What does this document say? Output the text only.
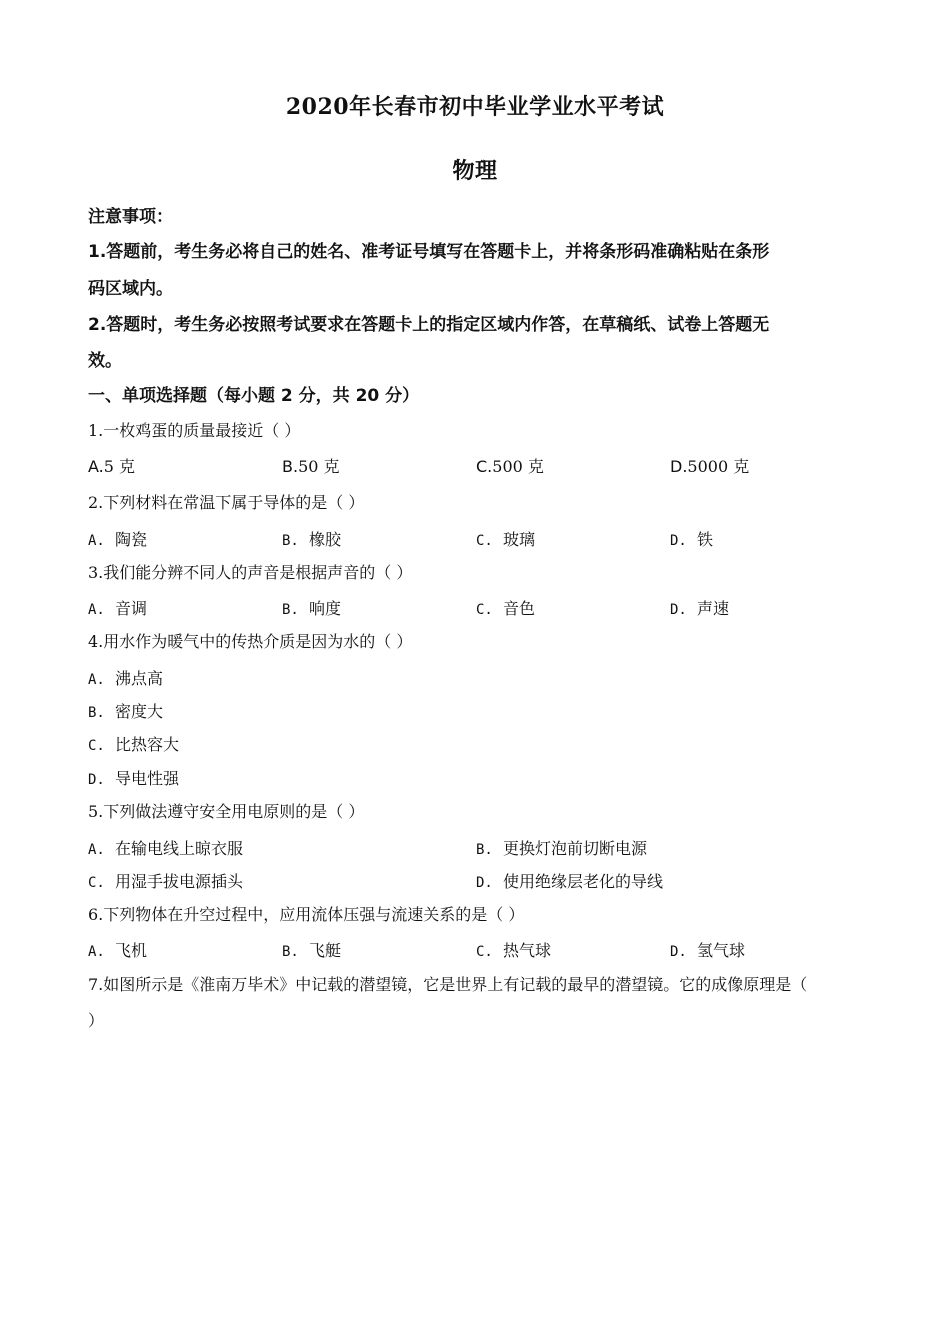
2020年长春市初中毕业学业水平考试
物理
注意事项：
1.答题前，考生务必将自己的姓名、准考证号填写在答题卡上，并将条形码准确粘贴在条形
码区域内。
2.答题时，考生务必按照考试要求在答题卡上的指定区域内作答，在草稿纸、试卷上答题无
效。
一、单项选择题（每小题 2 分，共 20 分）
1.一枚鸡蛋的质量最接近（ ）
A.5 克	B.50 克	C.500 克	D.5000 克
2.下列材料在常温下属于导体的是（ ）
A. 陶瓷	B. 橡胶	C. 玻璃	D. 铁
3.我们能分辨不同人的声音是根据声音的（ ）
A. 音调	B. 响度	C. 音色	D. 声速
4.用水作为暖气中的传热介质是因为水的（ ）
A. 沸点高
B. 密度大
C. 比热容大
D. 导电性强
5.下列做法遵守安全用电原则的是（ ）
A. 在输电线上晾衣服	B. 更换灯泡前切断电源
C. 用湿手拔电源插头	D. 使用绝缘层老化的导线
6.下列物体在升空过程中，应用流体压强与流速关系的是（ ）
A. 飞机	B. 飞艇	C. 热气球	D. 氢气球
7.如图所示是《淮南万毕术》中记载的潜望镜，它是世界上有记载的最早的潜望镜。它的成像原理是（
）
